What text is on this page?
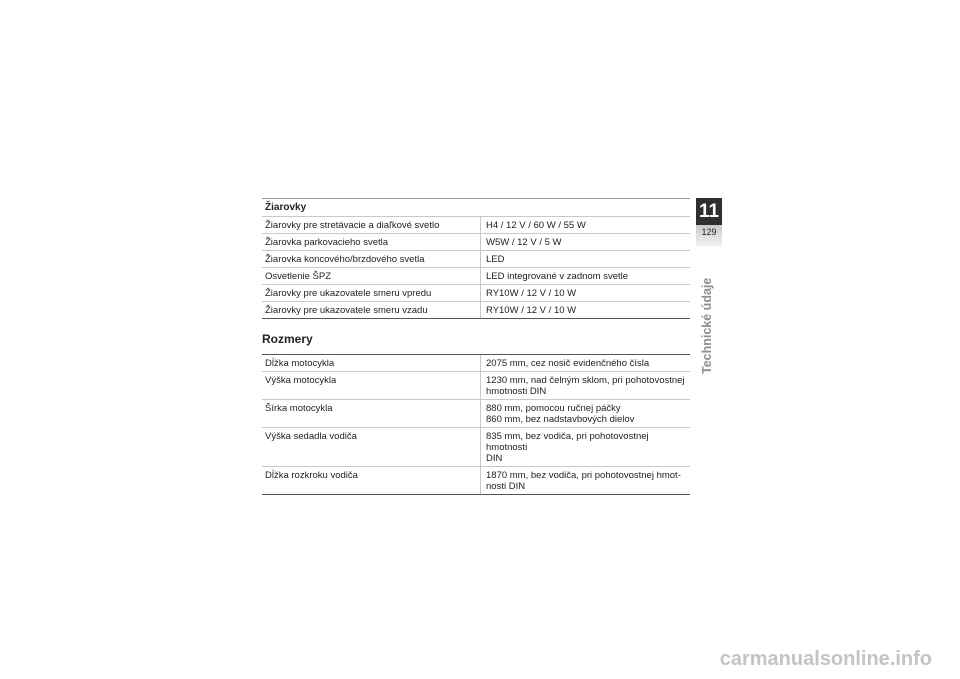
Žiarovky	
Žiarovky pre stretávacie a diaľkové svetlo	H4 / 12 V / 60 W / 55 W
Žiarovka parkovacieho svetla	W5W / 12 V / 5 W
Žiarovka koncového/brzdového svetla	LED
Osvetlenie ŠPZ	LED integrované v zadnom svetle
Žiarovky pre ukazovatele smeru vpredu	RY10W / 12 V / 10 W
Žiarovky pre ukazovatele smeru vzadu	RY10W / 12 V / 10 W
Rozmery
Dĺžka motocykla	2075 mm, cez nosič evidenčného čísla
Výška motocykla	1230 mm, nad čelným sklom, pri pohotovostnej
hmotnosti DIN

Šírka motocykla	880 mm, pomocou ručnej páčky
860 mm, bez nadstavbových dielov

Výška sedadla vodiča	835 mm, bez vodiča, pri pohotovostnej hmotnosti
DIN

Dĺžka rozkroku vodiča	1870 mm, bez vodiča, pri pohotovostnej hmot-
nosti DIN
11
129
Technické údaje
carmanualsonline.info
